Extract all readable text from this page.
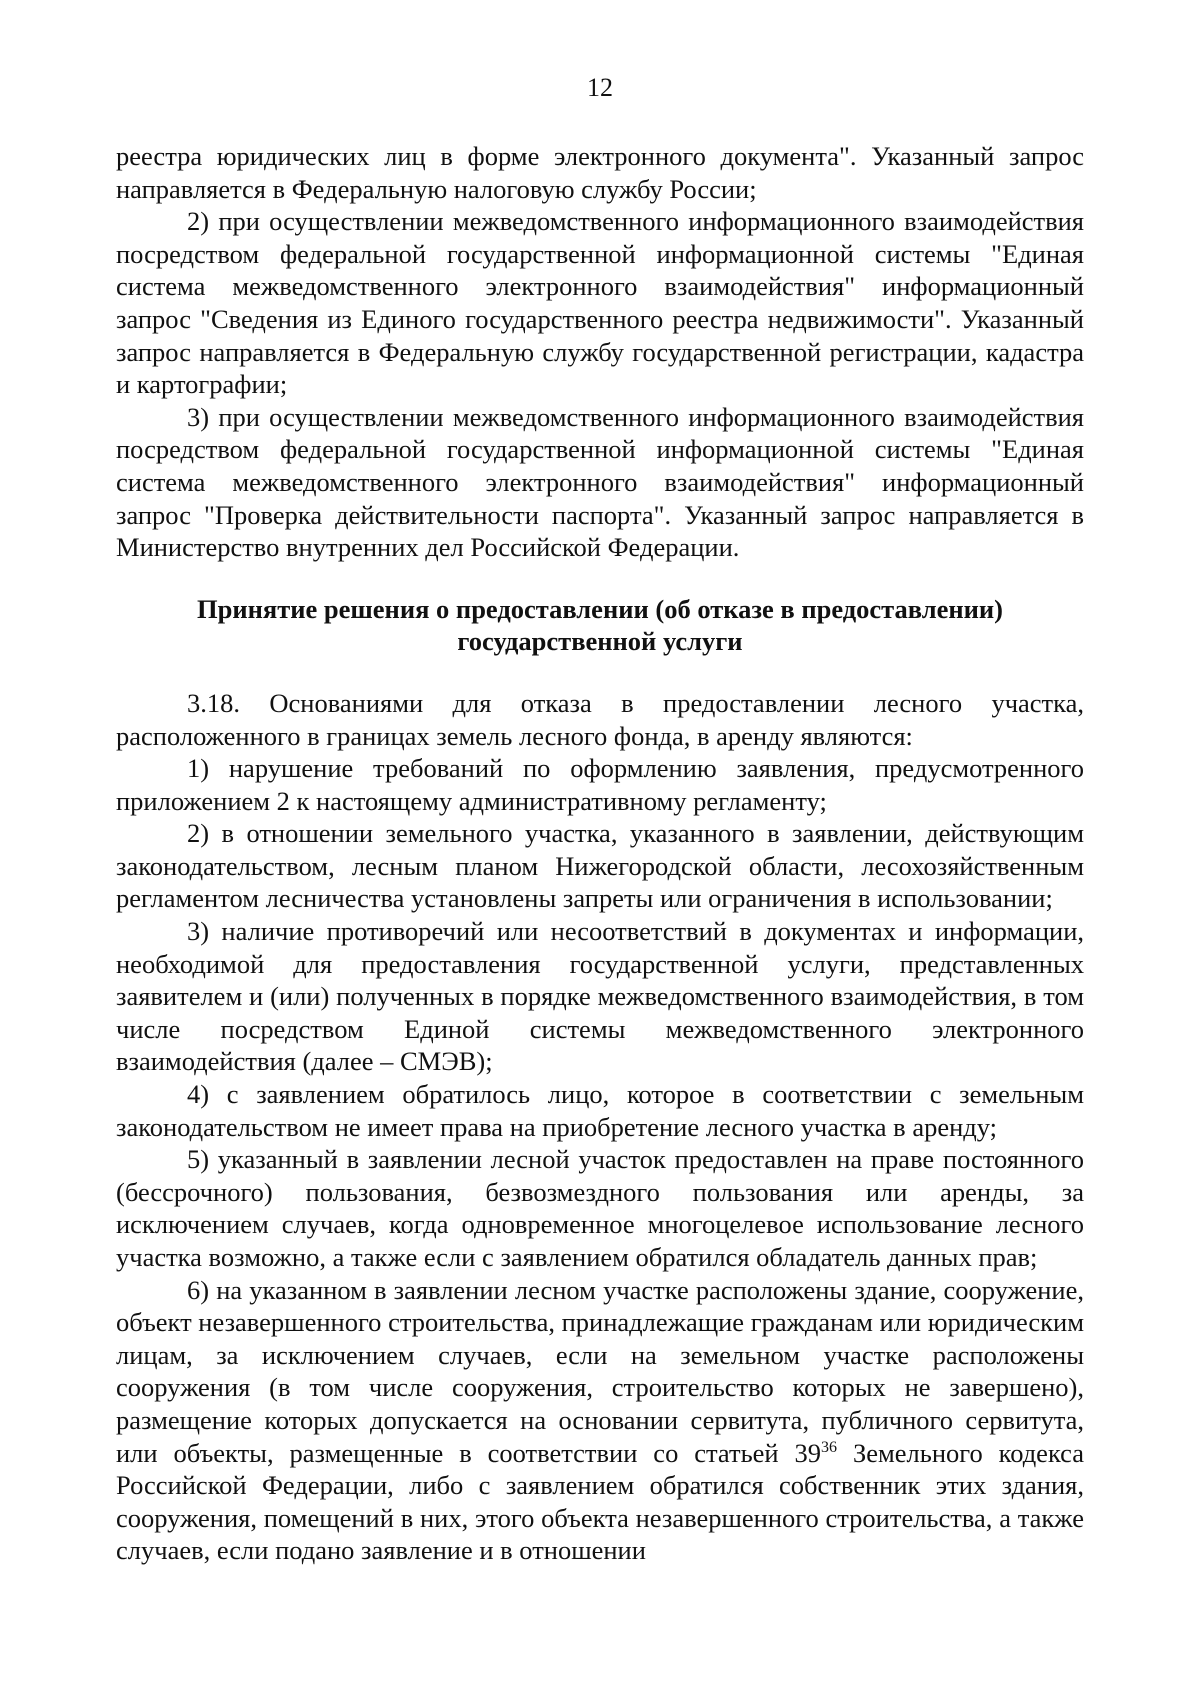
12

реестра юридических лиц в форме электронного документа". Указанный запрос направляется в Федеральную налоговую службу России;

2) при осуществлении межведомственного информационного взаимодействия посредством федеральной государственной информационной системы "Единая система межведомственного электронного взаимодействия" информационный запрос "Сведения из Единого государственного реестра недвижимости". Указанный запрос направляется в Федеральную службу государственной регистрации, кадастра и картографии;

3) при осуществлении межведомственного информационного взаимодействия посредством федеральной государственной информационной системы "Единая система межведомственного электронного взаимодействия" информационный запрос "Проверка действительности паспорта". Указанный запрос направляется в Министерство внутренних дел Российской Федерации.

Принятие решения о предоставлении (об отказе в предоставлении)
государственной услуги

3.18. Основаниями для отказа в предоставлении лесного участка, расположенного в границах земель лесного фонда, в аренду являются:

1) нарушение требований по оформлению заявления, предусмотренного приложением 2 к настоящему административному регламенту;

2) в отношении земельного участка, указанного в заявлении, действующим законодательством, лесным планом Нижегородской области, лесохозяйственным регламентом лесничества установлены запреты или ограничения в использовании;

3) наличие противоречий или несоответствий в документах и информации, необходимой для предоставления государственной услуги, представленных заявителем и (или) полученных в порядке межведомственного взаимодействия, в том числе посредством Единой системы межведомственного электронного взаимодействия (далее – СМЭВ);

4) с заявлением обратилось лицо, которое в соответствии с земельным законодательством не имеет права на приобретение лесного участка в аренду;

5) указанный в заявлении лесной участок предоставлен на праве постоянного (бессрочного) пользования, безвозмездного пользования или аренды, за исключением случаев, когда одновременное многоцелевое использование лесного участка возможно, а также если с заявлением обратился обладатель данных прав;

6) на указанном в заявлении лесном участке расположены здание, сооружение, объект незавершенного строительства, принадлежащие гражданам или юридическим лицам, за исключением случаев, если на земельном участке расположены сооружения (в том числе сооружения, строительство которых не завершено), размещение которых допускается на основании сервитута, публичного сервитута, или объекты, размещенные в соответствии со статьей $39^{36}$ Земельного кодекса Российской Федерации, либо с заявлением обратился собственник этих здания, сооружения, помещений в них, этого объекта незавершенного строительства, а также случаев, если подано заявление и в отношении
